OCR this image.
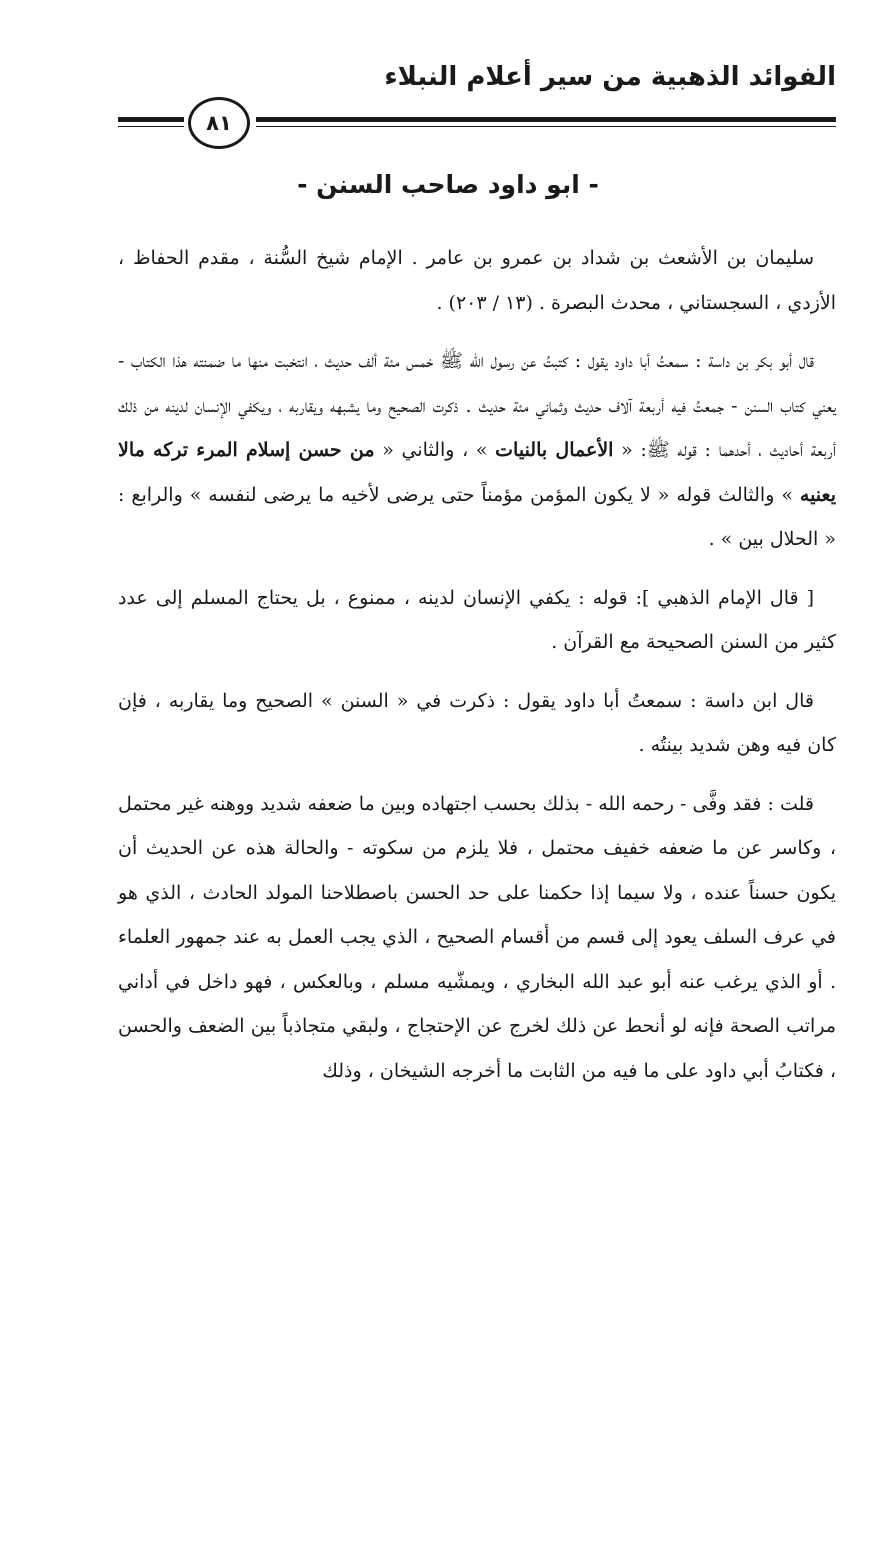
الفوائد الذهبية من سير أعلام النبلاء
٨١
- ابو داود صاحب السنن -

سليمان بن الأشعث بن شداد بن عمرو بن عامر . الإمام شيخ السُّنة ، مقدم الحفاظ ، الأزدي ، السجستاني ، محدث البصرة . (١٣ / ٢٠٣) .

قال أبو بكر بن داسة : سمعتُ أبا داود يقول : كتبتُ عن رسول الله ﷺ خمس مئة ألف حديث ، انتخبت منها ما ضمنته هذا الكتاب - يعني كتاب السنن - جمعتُ فيه أربعة آلاف حديث وثماني مئة حديث . ذكرت الصحيح وما يشبهه ويقاربه ، ويكفي الإنسان لدينه من ذلك أربعة أحاديث ، أحدهما : قوله ﷺ: « الأعمال بالنيات » ، والثاني « من حسن إسلام المرء تركه مالا يعنيه » والثالث قوله « لا يكون المؤمن مؤمناً حتى يرضى لأخيه ما يرضى لنفسه » والرابع : « الحلال بين » .

[ قال الإمام الذهبي ]: قوله : يكفي الإنسان لدينه ، ممنوع ، بل يحتاج المسلم إلى عدد كثير من السنن الصحيحة مع القرآن .

قال ابن داسة : سمعتُ أبا داود يقول : ذكرت في « السنن » الصحيح وما يقاربه ، فإن كان فيه وهن شديد بينتُه .

قلت : فقد وفَّى - رحمه الله - بذلك بحسب اجتهاده وبين ما ضعفه شديد ووهنه غير محتمل ، وكاسر عن ما ضعفه خفيف محتمل ، فلا يلزم من سكوته - والحالة هذه عن الحديث أن يكون حسناً عنده ، ولا سيما إذا حكمنا على حد الحسن باصطلاحنا المولد الحادث ، الذي هو في عرف السلف يعود إلى قسم من أقسام الصحيح ، الذي يجب العمل به عند جمهور العلماء . أو الذي يرغب عنه أبو عبد الله البخاري ، ويمشّيه مسلم ، وبالعكس ، فهو داخل في أداني مراتب الصحة فإنه لو أنحط عن ذلك لخرج عن الإحتجاج ، ولبقي متجاذباً بين الضعف والحسن ، فكتابُ أبي داود على ما فيه من الثابت ما أخرجه الشيخان ، وذلك
